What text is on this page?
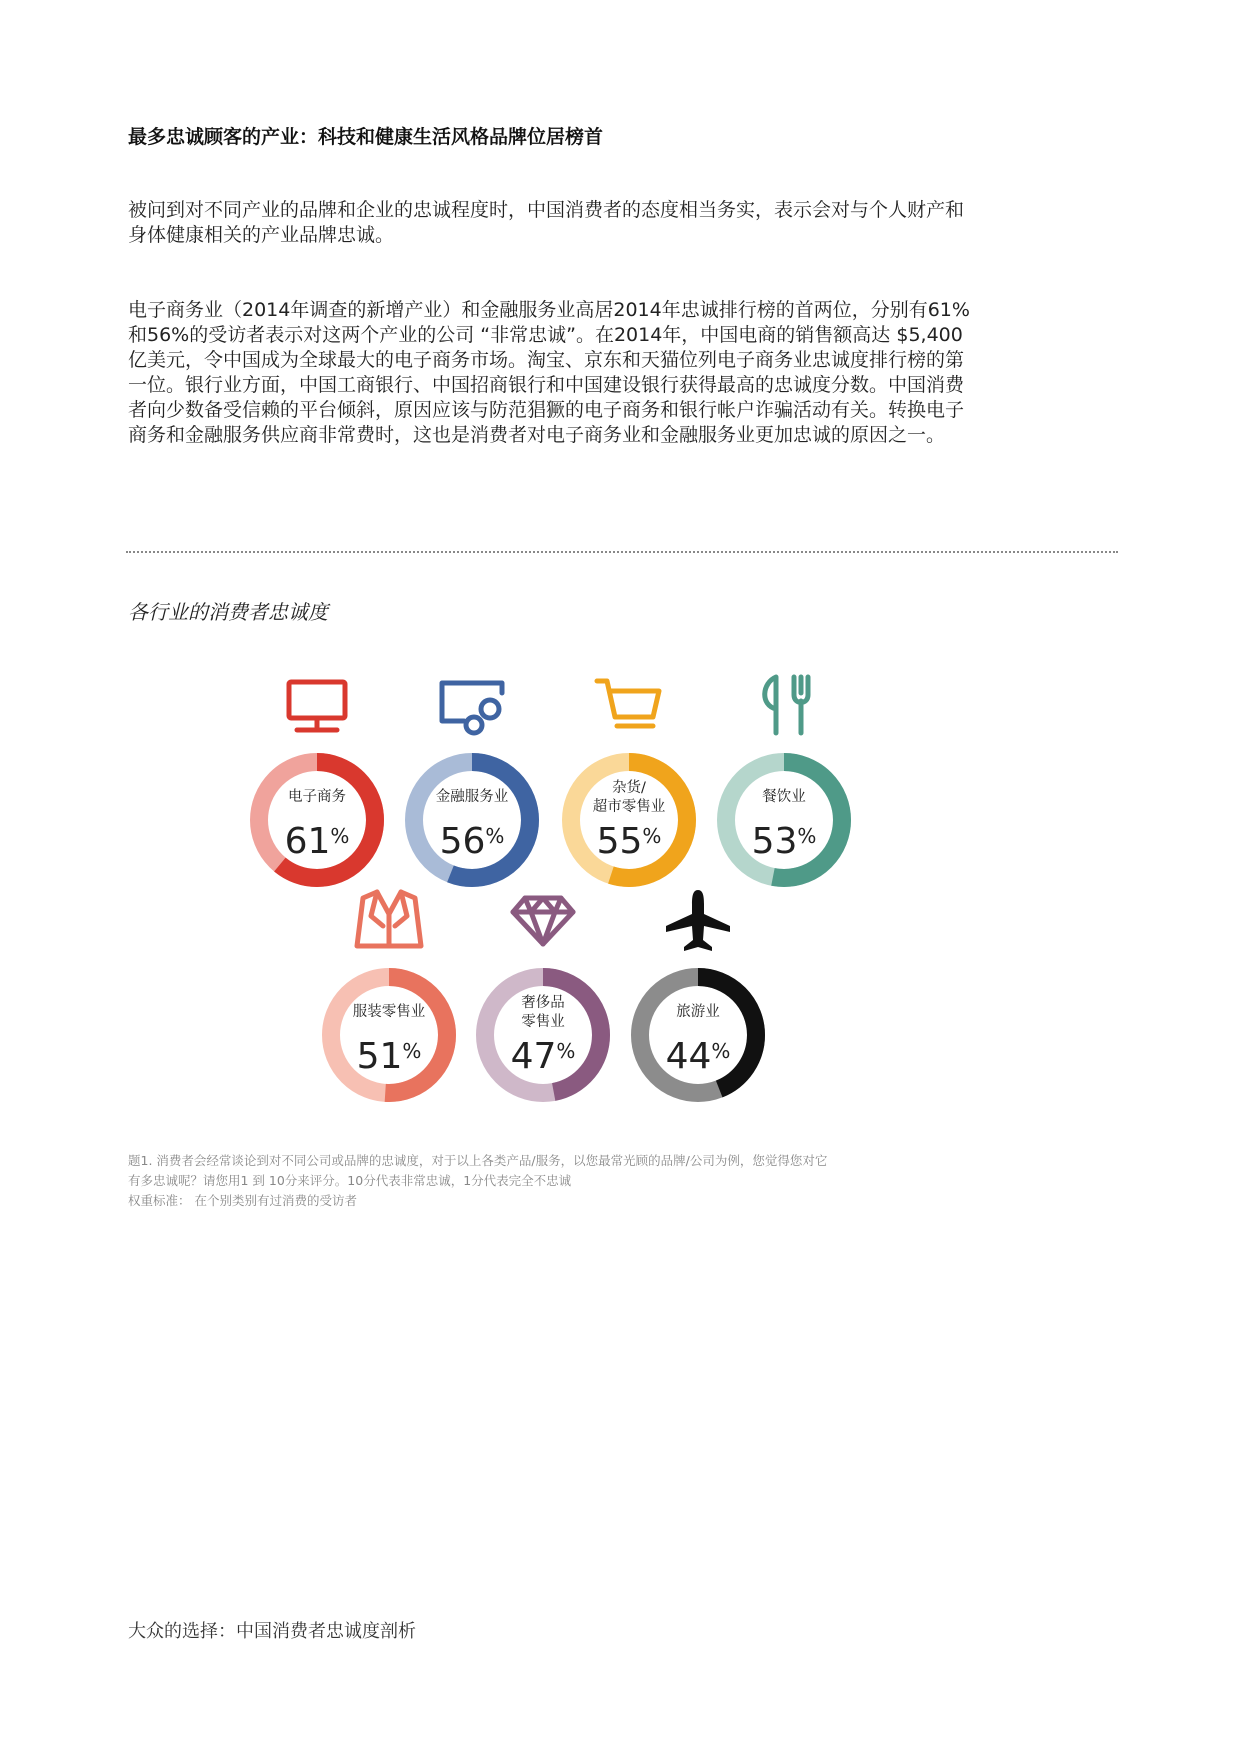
最多忠诚顾客的产业：科技和健康生活风格品牌位居榜首
被问到对不同产业的品牌和企业的忠诚程度时，中国消费者的态度相当务实，表示会对与个人财产和身体健康相关的产业品牌忠诚。
电子商务业（2014年调查的新增产业）和金融服务业高居2014年忠诚排行榜的首两位，分别有61%和56%的受访者表示对这两个产业的公司 “非常忠诚”。在2014年，中国电商的销售额高达 $5,400亿美元，令中国成为全球最大的电子商务市场。淘宝、京东和天猫位列电子商务业忠诚度排行榜的第一位。银行业方面，中国工商银行、中国招商银行和中国建设银行获得最高的忠诚度分数。中国消费者向少数备受信赖的平台倾斜，原因应该与防范猖獗的电子商务和银行帐户诈骗活动有关。转换电子商务和金融服务供应商非常费时，这也是消费者对电子商务业和金融服务业更加忠诚的原因之一。
各行业的消费者忠诚度
电子商务
61%
金融服务业
56%
杂货/
超市零售业
55%
餐饮业
53%
服装零售业
51%
奢侈品
零售业
47%
旅游业
44%
题1. 消费者会经常谈论到对不同公司或品牌的忠诚度，对于以上各类产品/服务，以您最常光顾的品牌/公司为例，您觉得您对它
有多忠诚呢？请您用1 到 10分来评分。10分代表非常忠诚，1分代表完全不忠诚
权重标准： 在个别类别有过消费的受访者
大众的选择：中国消费者忠诚度剖析
